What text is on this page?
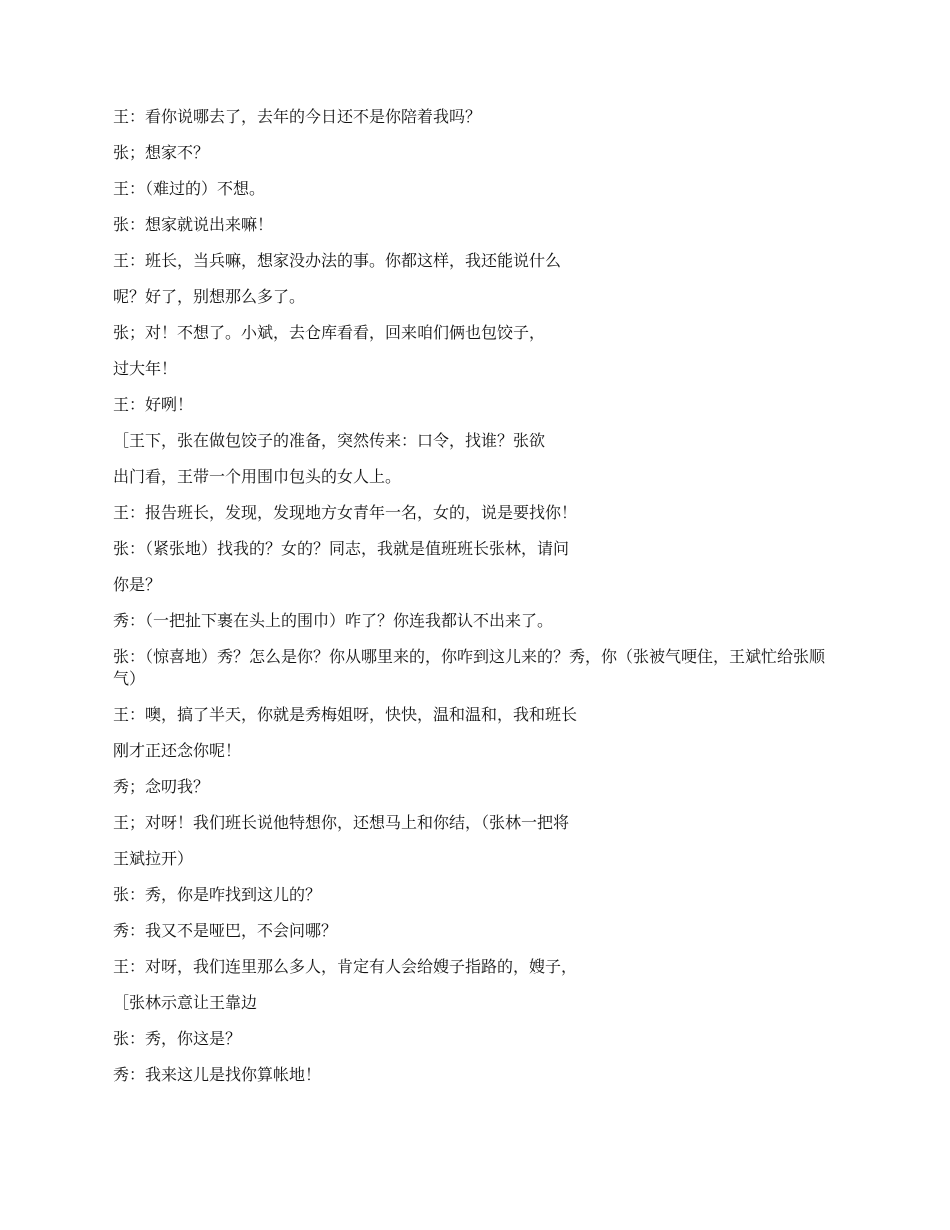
王：看你说哪去了，去年的今日还不是你陪着我吗？

张；想家不？

王：（难过的）不想。

张：想家就说出来嘛！

王：班长，当兵嘛，想家没办法的事。你都这样，我还能说什么

呢？好了，别想那么多了。

张；对！不想了。小斌，去仓库看看，回来咱们俩也包饺子，

过大年！

王：好咧！

［王下，张在做包饺子的准备，突然传来：口令，找谁？张欲

出门看，王带一个用围巾包头的女人上。

王：报告班长，发现，发现地方女青年一名，女的，说是要找你！

张：（紧张地）找我的？女的？同志，我就是值班班长张林，请问

你是？

秀：（一把扯下裹在头上的围巾）咋了？你连我都认不出来了。

张：（惊喜地）秀？怎么是你？你从哪里来的，你咋到这儿来的？秀，你（张被气哽住，王斌忙给张顺气）

王：噢，搞了半天，你就是秀梅姐呀，快快，温和温和，我和班长

刚才正还念你呢！

秀；念叨我？

王；对呀！我们班长说他特想你，还想马上和你结，（张林一把将

王斌拉开）

张：秀，你是咋找到这儿的？

秀：我又不是哑巴，不会问哪？

王：对呀，我们连里那么多人，肯定有人会给嫂子指路的，嫂子，

［张林示意让王靠边

张：秀，你这是？

秀：我来这儿是找你算帐地！
